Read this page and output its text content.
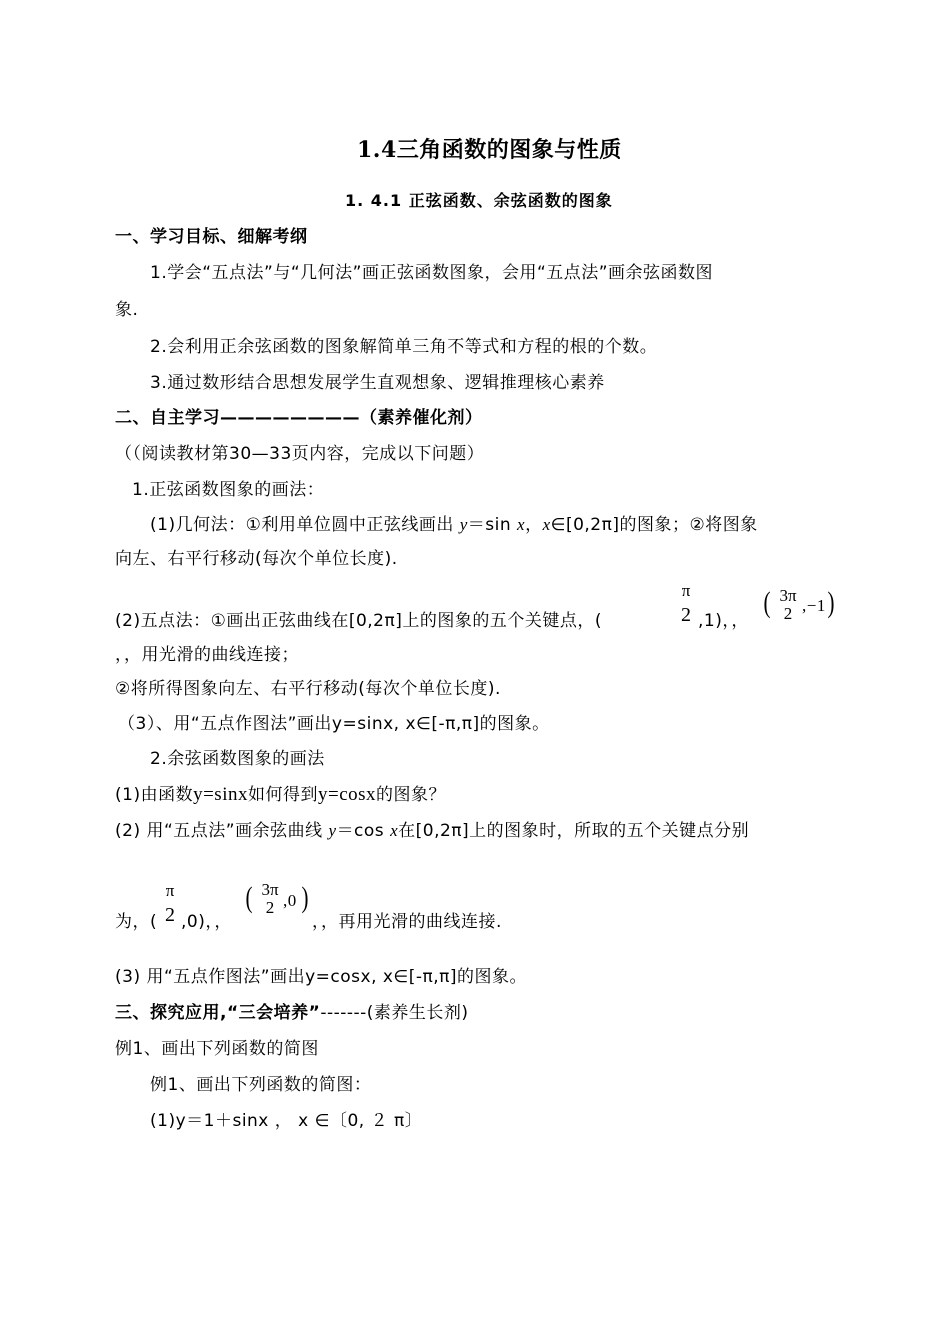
1.4三角函数的图象与性质
1. 4.1 正弦函数、余弦函数的图象
一、学习目标、细解考纲
1.学会“五点法”与“几何法”画正弦函数图象，会用“五点法”画余弦函数图
象.
2.会利用正余弦函数的图象解简单三角不等式和方程的根的个数。
3.通过数形结合思想发展学生直观想象、逻辑推理核心素养
二、自主学习————————（素养催化剂）
（（阅读教材第30—33页内容，完成以下问题）
1.正弦函数图象的画法：
(1)几何法：①利用单位圆中正弦线画出 y＝sin x，x∈[0,2π]的图象；②将图象
向左、右平行移动(每次个单位长度).
(2)五点法：①画出正弦曲线在[0,2π]上的图象的五个关键点，(
π
2 ,1)，，
( 3π
2 ,−1 )
，，用光滑的曲线连接；
②将所得图象向左、右平行移动(每次个单位长度).
（3）、用“五点作图法”画出y=sinx, x∈[-π,π]的图象。
2.余弦函数图象的画法
(1)由函数y=sinx如何得到y=cosx的图象？
(2) 用“五点法”画余弦曲线 y＝cos x在[0,2π]上的图象时，所取的五个关键点分别
为，(
π
2 ,0)，，
( 3π
2 ,0 )
，，再用光滑的曲线连接.
(3) 用“五点作图法”画出y=cosx, x∈[-π,π]的图象。
三、探究应用,“三会培养”-------(素养生长剂)
例1、画出下列函数的简图
例1、画出下列函数的简图：
(1)y＝1＋sinx ， x ∈〔0, ２ π〕
